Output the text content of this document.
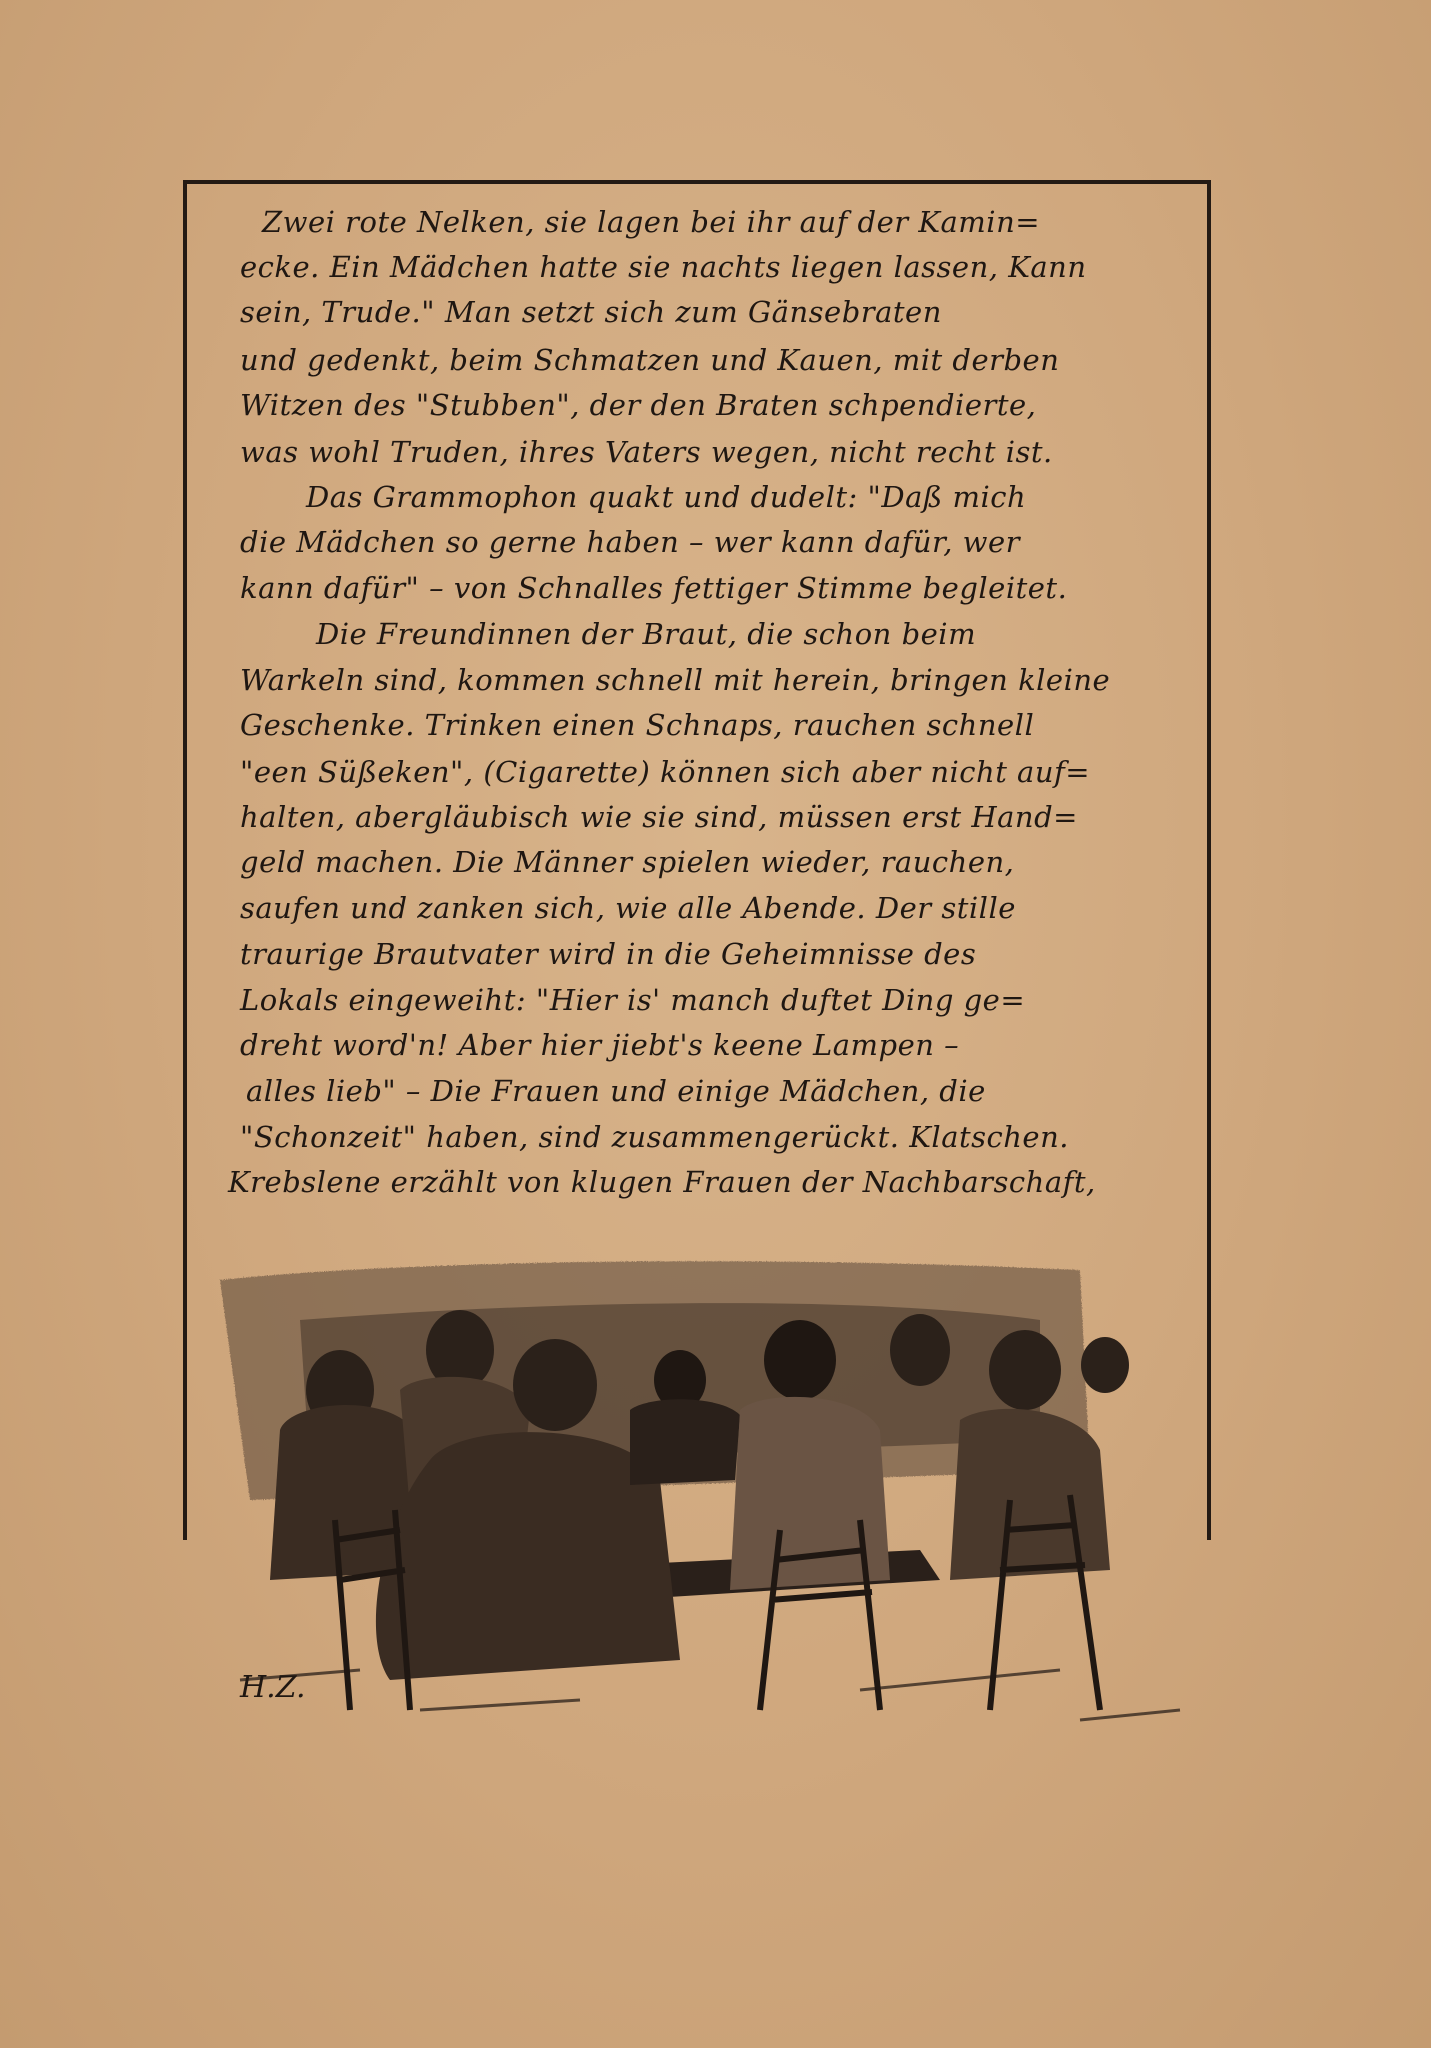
Zwei rote Nelken, sie lagen bei ihr auf der Kamin=
ecke. Ein Mädchen hatte sie nachts liegen lassen, Kann
sein, Trude." Man setzt sich zum Gänsebraten
und gedenkt, beim Schmatzen und Kauen, mit derben
Witzen des "Stubben", der den Braten schpendierte,
was wohl Truden, ihres Vaters wegen, nicht recht ist.
Das Grammophon quakt und dudelt: "Daß mich
die Mädchen so gerne haben – wer kann dafür, wer
kann dafür" – von Schnalles fettiger Stimme begleitet.
Die Freundinnen der Braut, die schon beim
Warkeln sind, kommen schnell mit herein, bringen kleine
Geschenke. Trinken einen Schnaps, rauchen schnell
"een Süßeken", (Cigarette) können sich aber nicht auf=
halten, abergläubisch wie sie sind, müssen erst Hand=
geld machen. Die Männer spielen wieder, rauchen,
saufen und zanken sich, wie alle Abende. Der stille
traurige Brautvater wird in die Geheimnisse des
Lokals eingeweiht: "Hier is' manch duftet Ding ge=
dreht word'n! Aber hier jiebt's keene Lampen –
alles lieb" – Die Frauen und einige Mädchen, die
"Schonzeit" haben, sind zusammengerückt. Klatschen.
Krebslene erzählt von klugen Frauen der Nachbarschaft,
H.Z.
